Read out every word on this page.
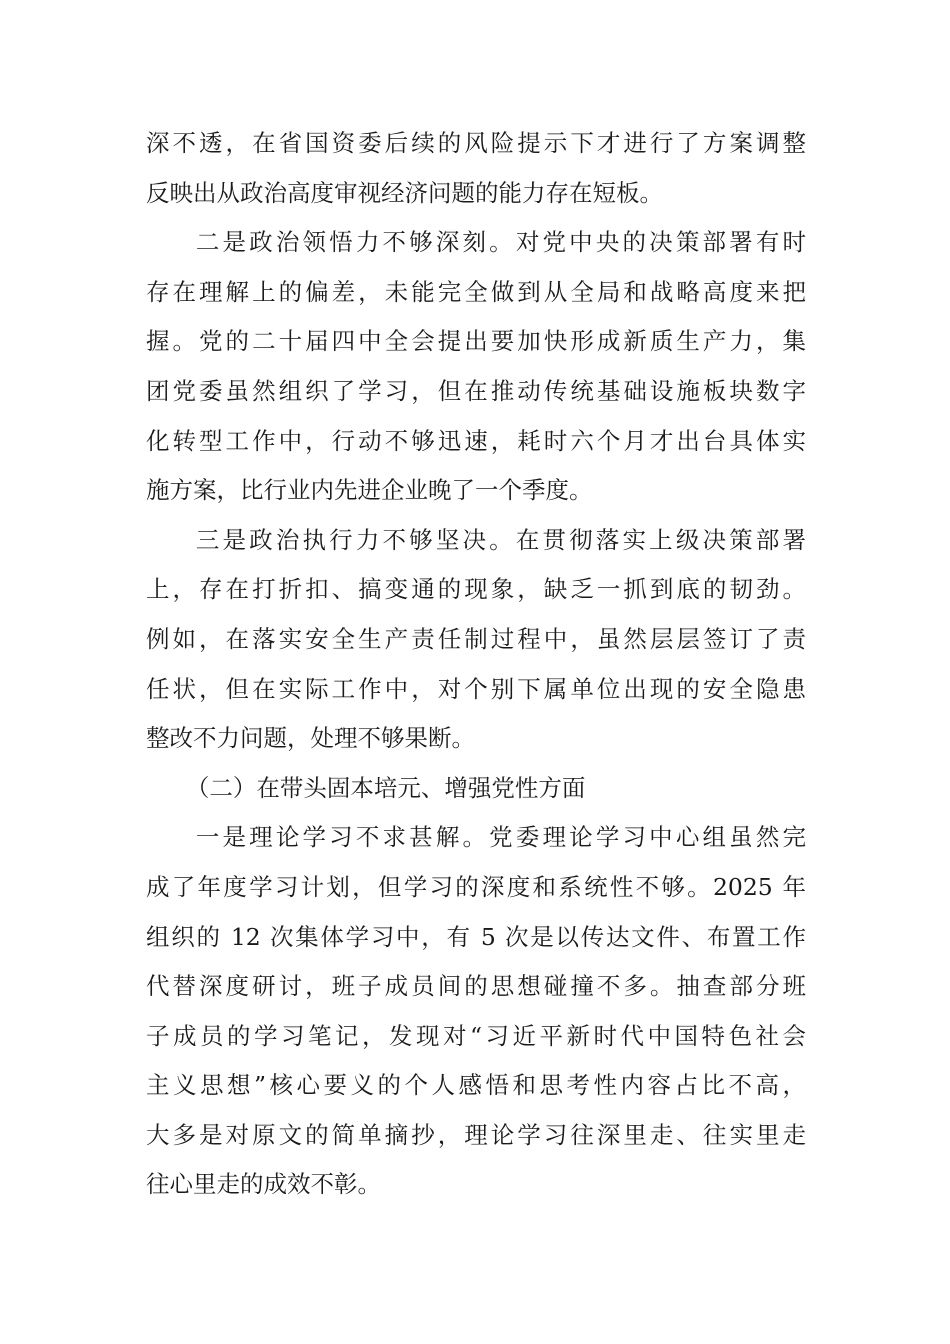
深不透，在省国资委后续的风险提示下才进行了方案调整
反映出从政治高度审视经济问题的能力存在短板。
二是政治领悟力不够深刻。对党中央的决策部署有时
存在理解上的偏差，未能完全做到从全局和战略高度来把
握。党的二十届四中全会提出要加快形成新质生产力，集
团党委虽然组织了学习，但在推动传统基础设施板块数字
化转型工作中，行动不够迅速，耗时六个月才出台具体实
施方案，比行业内先进企业晚了一个季度。
三是政治执行力不够坚决。在贯彻落实上级决策部署
上，存在打折扣、搞变通的现象，缺乏一抓到底的韧劲。
例如，在落实安全生产责任制过程中，虽然层层签订了责
任状，但在实际工作中，对个别下属单位出现的安全隐患
整改不力问题，处理不够果断。
（二）在带头固本培元、增强党性方面
一是理论学习不求甚解。党委理论学习中心组虽然完
成了年度学习计划，但学习的深度和系统性不够。2025 年
组织的 12 次集体学习中，有 5 次是以传达文件、布置工作
代替深度研讨，班子成员间的思想碰撞不多。抽查部分班
子成员的学习笔记，发现对“习近平新时代中国特色社会
主义思想”核心要义的个人感悟和思考性内容占比不高，
大多是对原文的简单摘抄，理论学习往深里走、往实里走
往心里走的成效不彰。
